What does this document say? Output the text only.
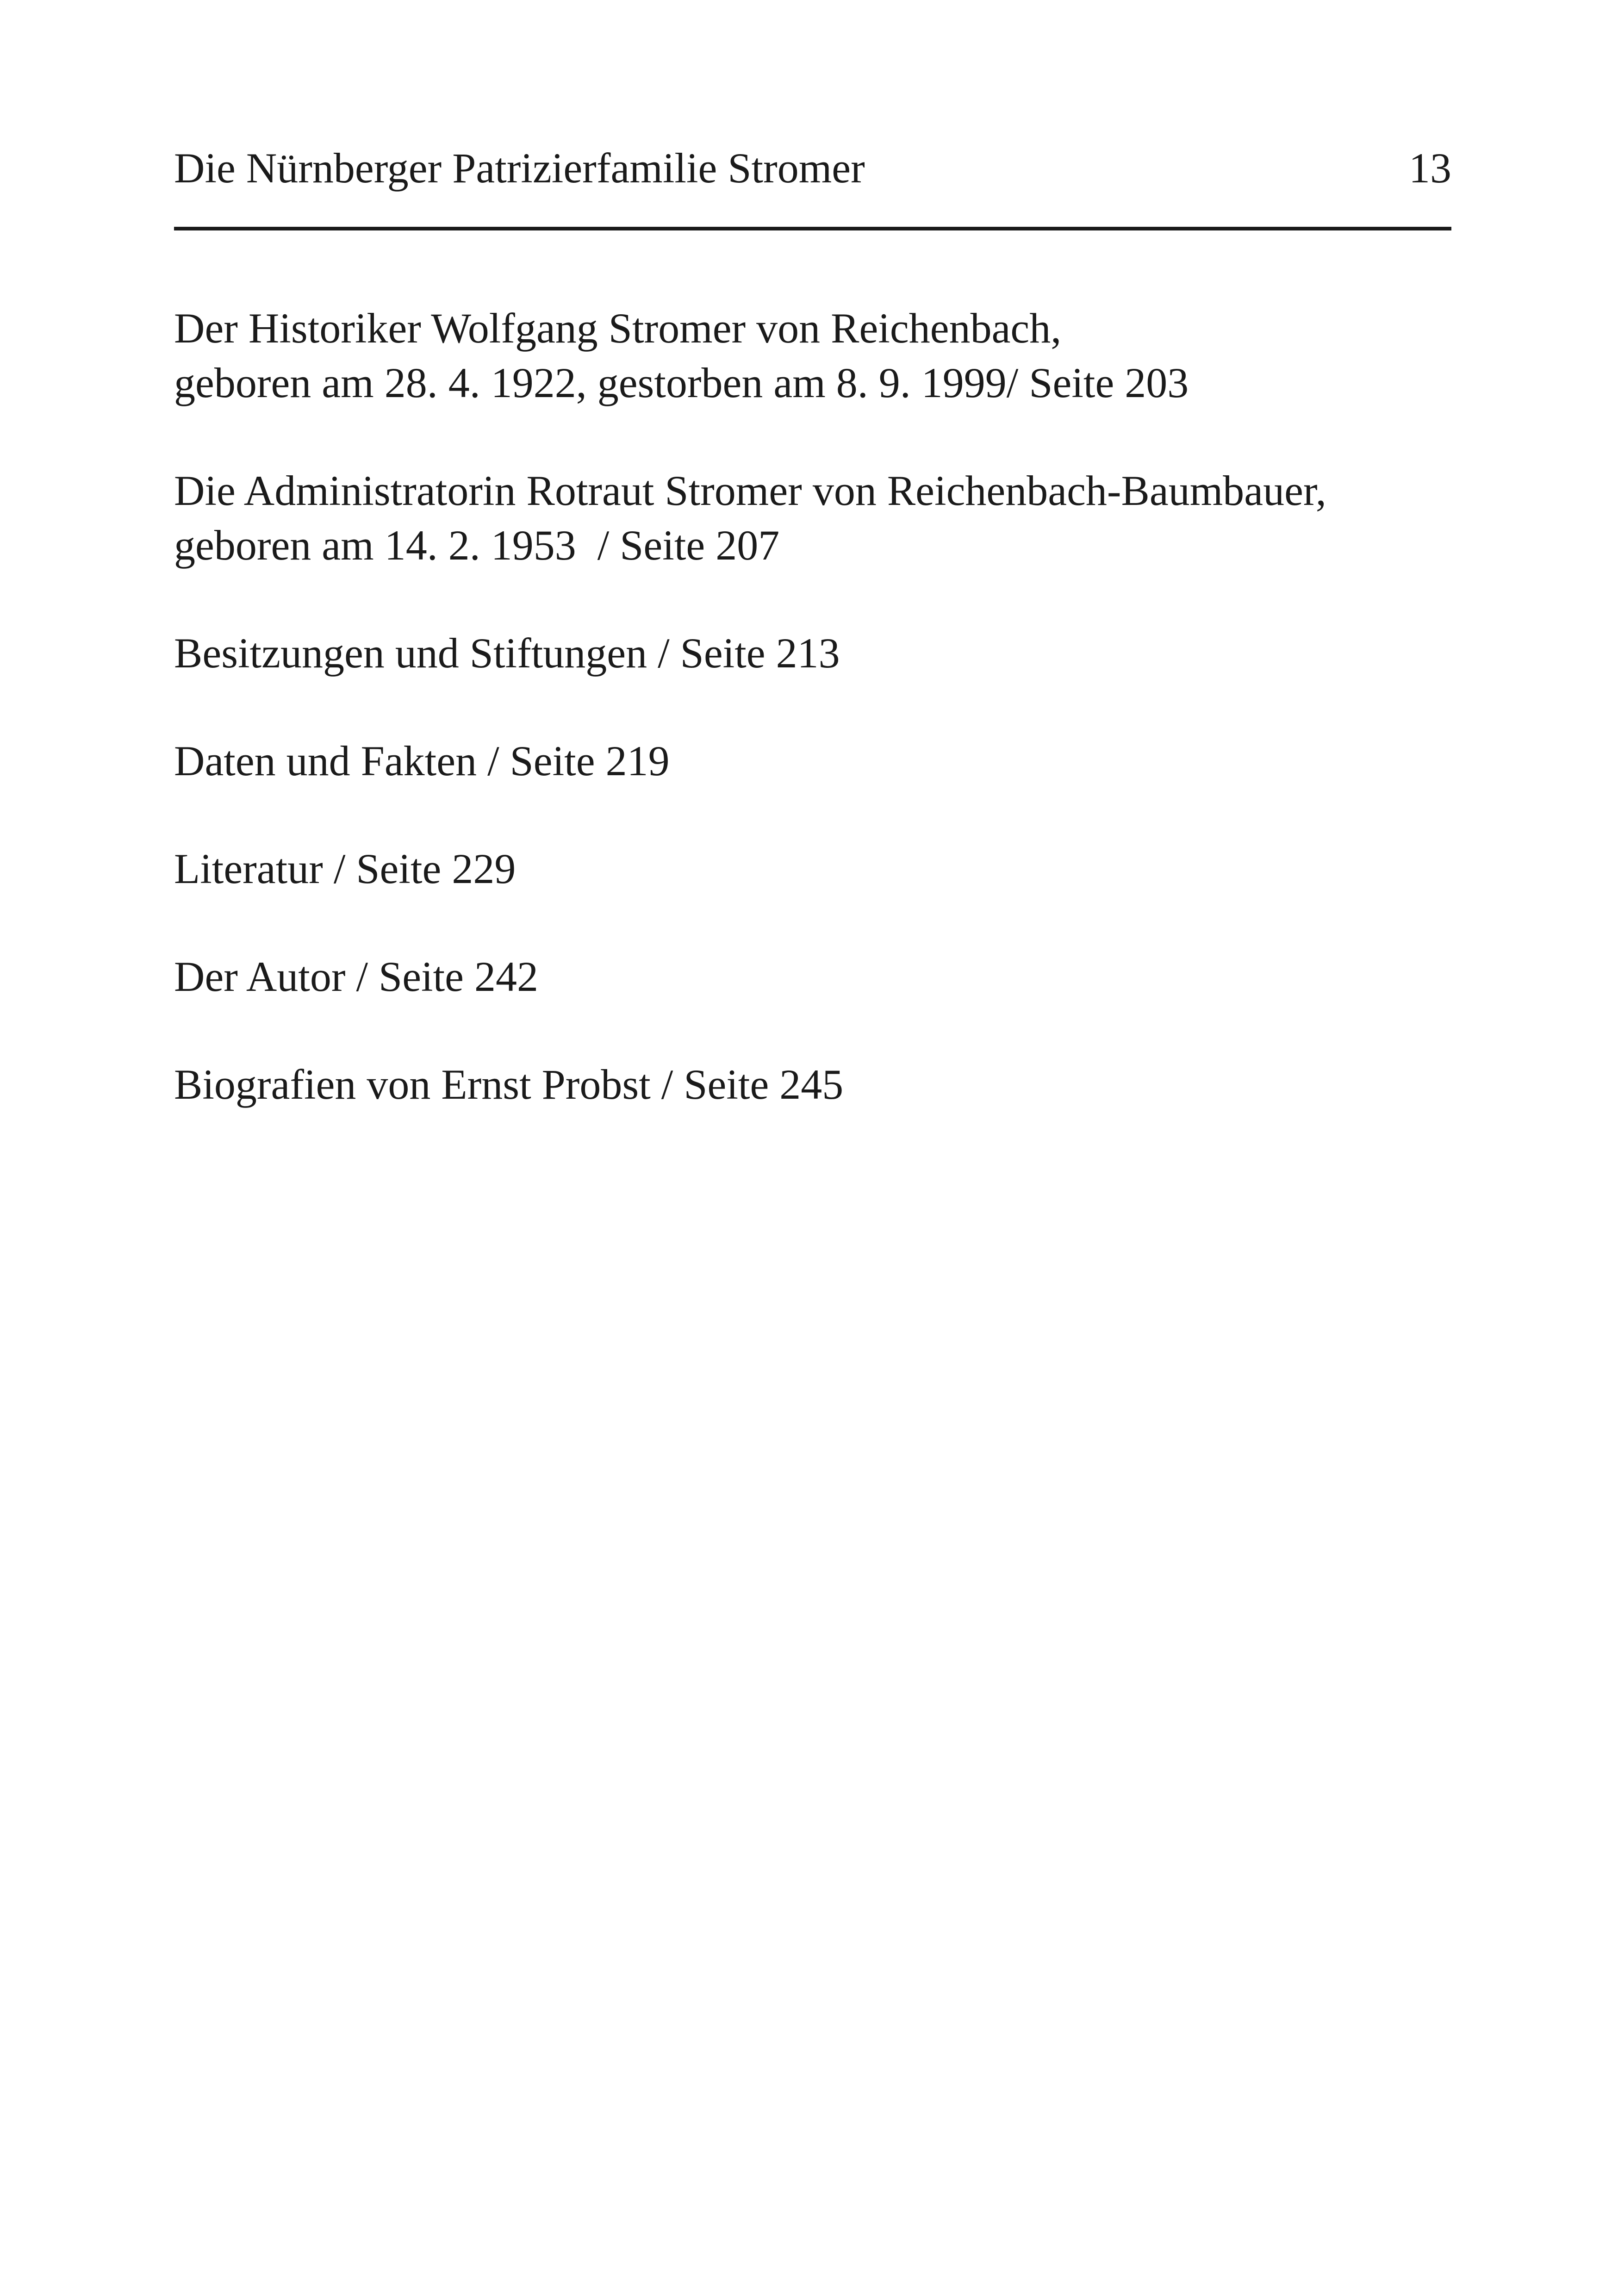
Die Nürnberger Patrizierfamilie Stromer	13
Der Historiker Wolfgang Stromer von Reichenbach,
geboren am 28. 4. 1922, gestorben am 8. 9. 1999/ Seite 203
Die Administratorin Rotraut Stromer von Reichenbach-Baumbauer,
geboren am 14. 2. 1953  / Seite 207
Besitzungen und Stiftungen / Seite 213
Daten und Fakten / Seite 219
Literatur / Seite 229
Der Autor / Seite 242
Biografien von Ernst Probst / Seite 245
